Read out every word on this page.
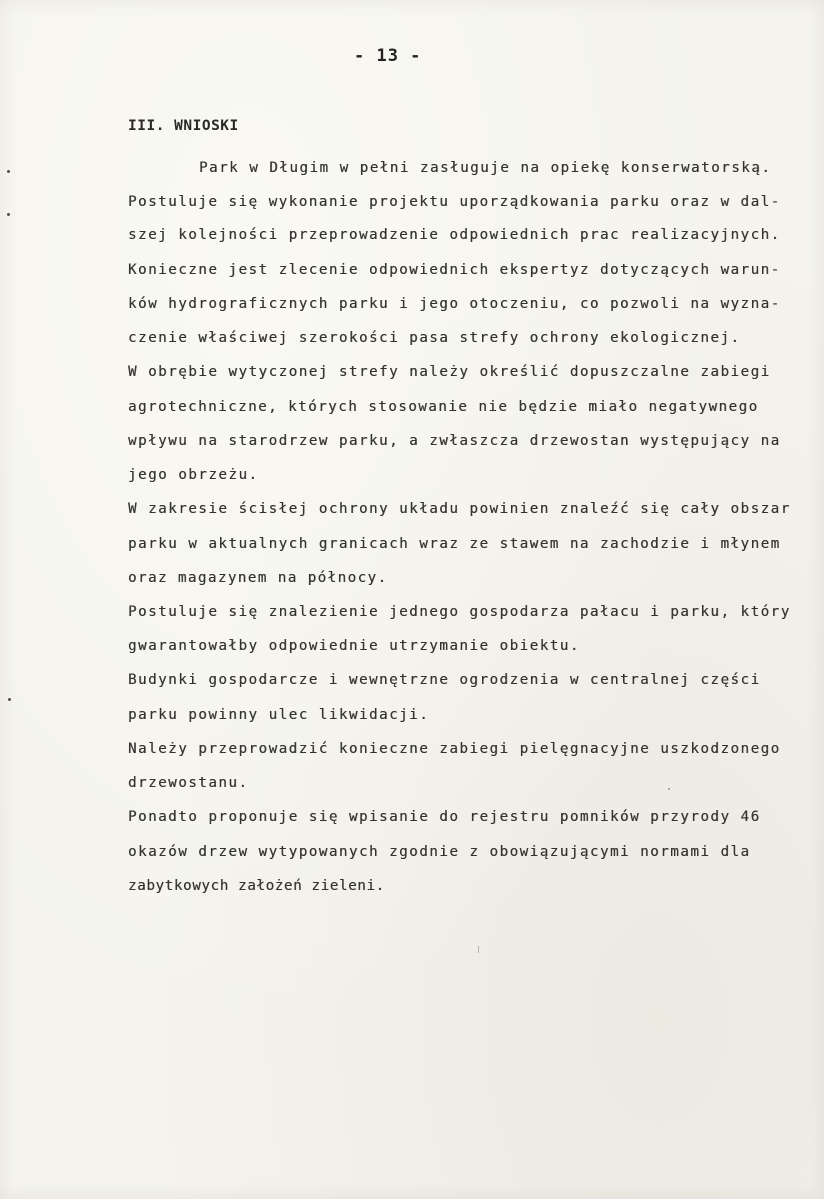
- 13 -
III. WNIOSKI
Park w Długim w pełni zasługuje na opiekę konserwatorską.
Postuluje się wykonanie projektu uporządkowania parku oraz w dal-
szej kolejności przeprowadzenie odpowiednich prac realizacyjnych.
Konieczne jest zlecenie odpowiednich ekspertyz dotyczących warun-
ków hydrograficznych parku i jego otoczeniu, co pozwoli na wyzna-
czenie właściwej szerokości pasa strefy ochrony ekologicznej.
W obrębie wytyczonej strefy należy określić dopuszczalne zabiegi
agrotechniczne, których stosowanie nie będzie miało negatywnego
wpływu na starodrzew parku, a zwłaszcza drzewostan występujący na
jego obrzeżu.
W zakresie ścisłej ochrony układu powinien znaleźć się cały obszar
parku w aktualnych granicach wraz ze stawem na zachodzie i młynem
oraz magazynem na północy.
Postuluje się znalezienie jednego gospodarza pałacu i parku, który
gwarantowałby odpowiednie utrzymanie obiektu.
Budynki gospodarcze i wewnętrzne ogrodzenia w centralnej części
parku powinny ulec likwidacji.
Należy przeprowadzić konieczne zabiegi pielęgnacyjne uszkodzonego
drzewostanu.
Ponadto proponuje się wpisanie do rejestru pomników przyrody 46
okazów drzew wytypowanych zgodnie z obowiązującymi normami dla
zabytkowych założeń zieleni.
